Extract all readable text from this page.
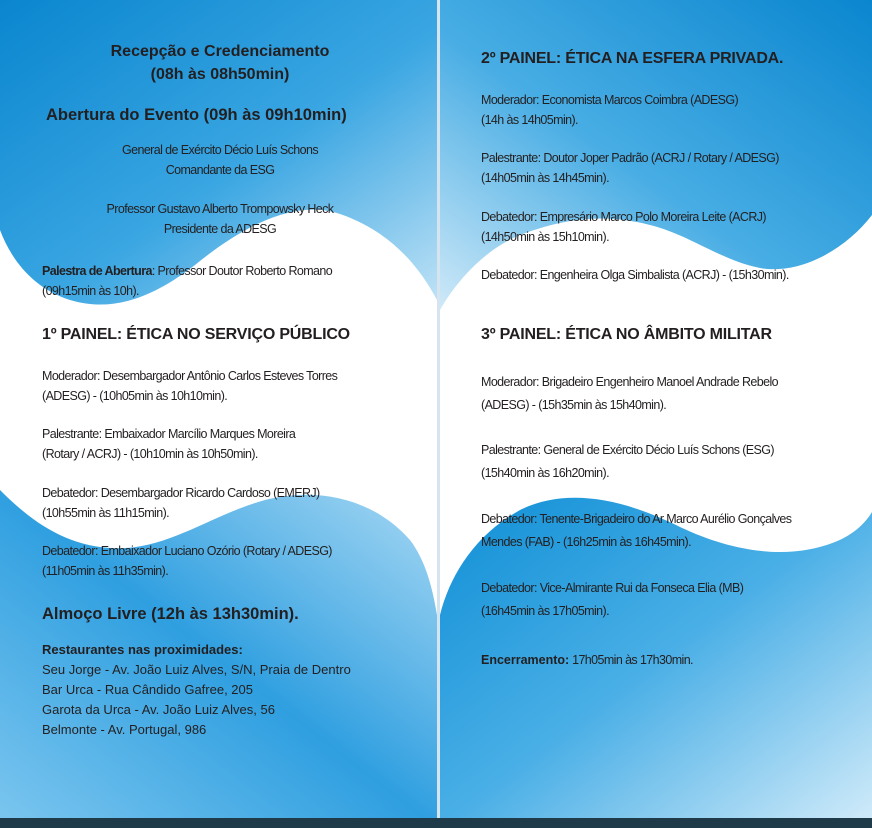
Recepção e Credenciamento
(08h às 08h50min)
Abertura do Evento (09h às 09h10min)
General de Exército Décio Luís Schons
Comandante da ESG
Professor Gustavo Alberto Trompowsky Heck
Presidente da ADESG
Palestra de Abertura: Professor Doutor Roberto Romano
(09h15min às 10h).
1º PAINEL: ÉTICA NO SERVIÇO PÚBLICO
Moderador: Desembargador Antônio Carlos Esteves Torres
(ADESG) - (10h05min às 10h10min).
Palestrante: Embaixador Marcílio Marques Moreira
(Rotary / ACRJ) - (10h10min às 10h50min).
Debatedor: Desembargador Ricardo Cardoso (EMERJ)
(10h55min às 11h15min).
Debatedor: Embaixador Luciano Ozório (Rotary / ADESG)
(11h05min às 11h35min).
Almoço Livre (12h às 13h30min).
Restaurantes nas proximidades:
Seu Jorge - Av. João Luiz Alves, S/N, Praia de Dentro
Bar Urca - Rua Cândido Gafree, 205
Garota da Urca - Av. João Luiz Alves, 56
Belmonte - Av. Portugal, 986
2º PAINEL: ÉTICA NA ESFERA PRIVADA.
Moderador: Economista Marcos Coimbra (ADESG)
(14h às 14h05min).
Palestrante: Doutor Joper Padrão (ACRJ / Rotary / ADESG)
(14h05min às 14h45min).
Debatedor: Empresário Marco Polo Moreira Leite (ACRJ)
(14h50min às 15h10min).
Debatedor: Engenheira Olga Simbalista (ACRJ) - (15h30min).
3º PAINEL: ÉTICA NO ÂMBITO MILITAR
Moderador: Brigadeiro Engenheiro Manoel Andrade Rebelo
(ADESG) - (15h35min às 15h40min).
Palestrante: General de Exército Décio Luís Schons (ESG)
(15h40min às 16h20min).
Debatedor: Tenente-Brigadeiro do Ar Marco Aurélio Gonçalves
Mendes (FAB) - (16h25min às 16h45min).
Debatedor: Vice-Almirante Rui da Fonseca Elia (MB)
(16h45min às 17h05min).
Encerramento: 17h05min às 17h30min.
